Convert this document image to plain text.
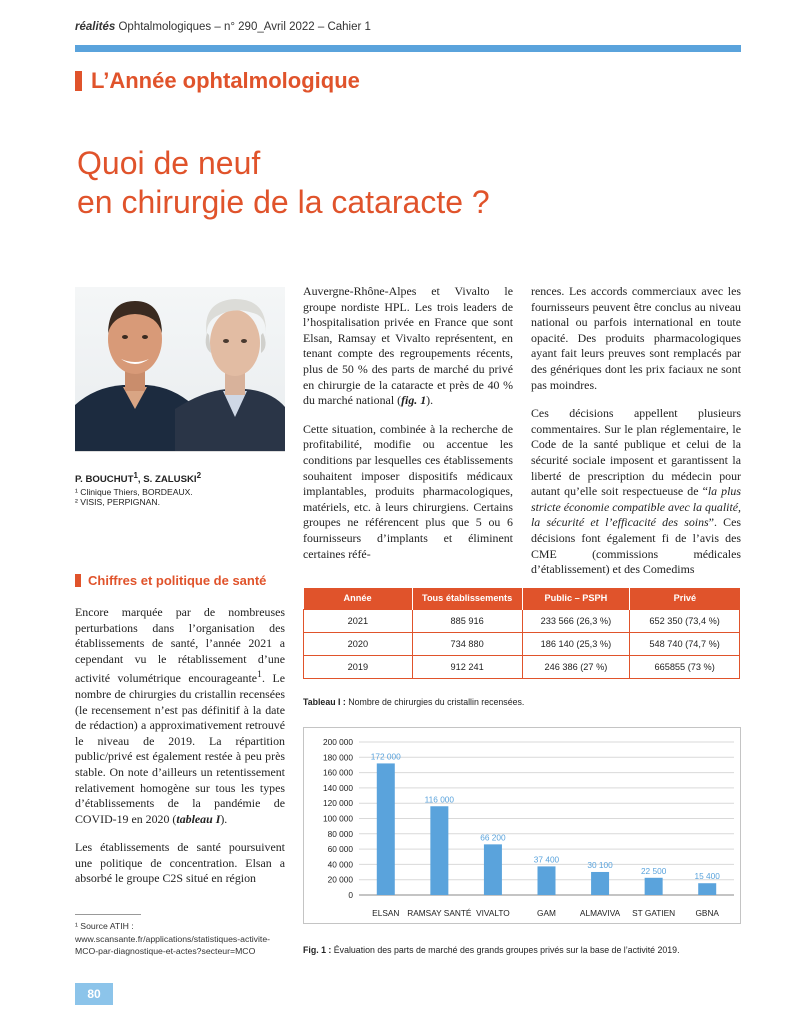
réalités Ophtalmologiques – n° 290_Avril 2022 – Cahier 1
L’Année ophtalmologique
Quoi de neuf
en chirurgie de la cataracte ?
P. BOUCHUT$^1$, S. ZALUSKI$^2$
¹ Clinique Thiers, BORDEAUX.
² VISIS, PERPIGNAN.
Chiffres et politique de santé

Encore marquée par de nombreuses perturbations dans l’organisation des établissements de santé, l’année 2021 a cependant vu le rétablissement d’une activité volumétrique encourageante$^1$. Le nombre de chirurgies du cristallin recensées (le recensement n’est pas définitif à la date de rédaction) a approximativement retrouvé le niveau de 2019. La répartition public/privé est également restée à peu près stable. On note d’ailleurs un retentissement relativement homogène sur tous les types d’établissements de la pandémie de COVID-19 en 2020 (tableau I).

Les établissements de santé poursuivent une politique de concentration. Elsan a absorbé le groupe C2S situé en région

Auvergne-Rhône-Alpes et Vivalto le groupe nordiste HPL. Les trois leaders de l’hospitalisation privée en France que sont Elsan, Ramsay et Vivalto représentent, en tenant compte des regroupements récents, plus de 50 % des parts de marché du privé en chirurgie de la cataracte et près de 40 % du marché national (fig. 1).

Cette situation, combinée à la recherche de profitabilité, modifie ou accentue les conditions par lesquelles ces établissements souhaitent imposer dispositifs médicaux implantables, produits pharmacologiques, matériels, etc. à leurs chirurgiens. Certains groupes ne référencent plus que 5 ou 6 fournisseurs d’implants et éliminent certaines réfé-

rences. Les accords commerciaux avec les fournisseurs peuvent être conclus au niveau national ou parfois international en toute opacité. Des produits pharmacologiques ayant fait leurs preuves sont remplacés par des génériques dont les prix faciaux ne sont pas moindres.

Ces décisions appellent plusieurs commentaires. Sur le plan réglementaire, le Code de la santé publique et celui de la sécurité sociale imposent et garantissent la liberté de prescription du médecin pour autant qu’elle soit respectueuse de “la plus stricte économie compatible avec la qualité, la sécurité et l’efficacité des soins”. Ces décisions font également fi de l’avis des CME (commissions médicales d’établissement) et des Comedims

¹ Source ATIH : www.scansante.fr/applications/statistiques-activite-MCO-par-diagnostique-et-actes?secteur=MCO
80
Année	Tous établissements	Public – PSPH	Privé
2021	885 916	233 566 (26,3 %)	652 350 (73,4 %)
2020	734 880	186 140 (25,3 %)	548 740 (74,7 %)
2019	912 241	246 386 (27 %)	665855 (73 %)
Tableau I : Nombre de chirurgies du cristallin recensées.
0
20 000
40 000
60 000
80 000
100 000
120 000
140 000
160 000
180 000
200 000
172 000
ELSAN
116 000
RAMSAY SANTÉ
66 200
VIVALTO
37 400
GAM
30 100
ALMAVIVA
22 500
ST GATIEN
15 400
GBNA
Fig. 1 : Évaluation des parts de marché des grands groupes privés sur la base de l’activité 2019.
